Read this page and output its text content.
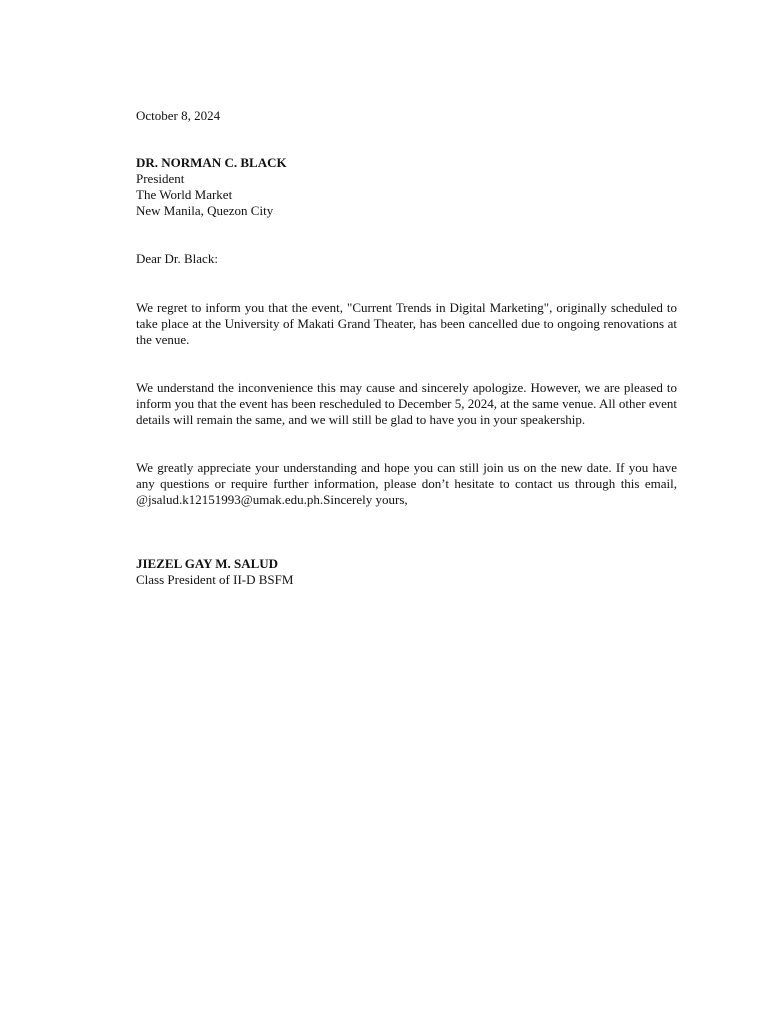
October 8, 2024
DR. NORMAN C. BLACK
President
The World Market
New Manila, Quezon City
Dear Dr. Black:

We regret to inform you that the event, "Current Trends in Digital Marketing", originally scheduled to take place at the University of Makati Grand Theater, has been cancelled due to ongoing renovations at the venue.

We understand the inconvenience this may cause and sincerely apologize. However, we are pleased to inform you that the event has been rescheduled to December 5, 2024, at the same venue. All other event details will remain the same, and we will still be glad to have you in your speakership.

We greatly appreciate your understanding and hope you can still join us on the new date. If you have any questions or require further information, please don’t hesitate to contact us through this email, @jsalud.k12151993@umak.edu.ph.Sincerely yours,

JIEZEL GAY M. SALUD
Class President of II-D BSFM
